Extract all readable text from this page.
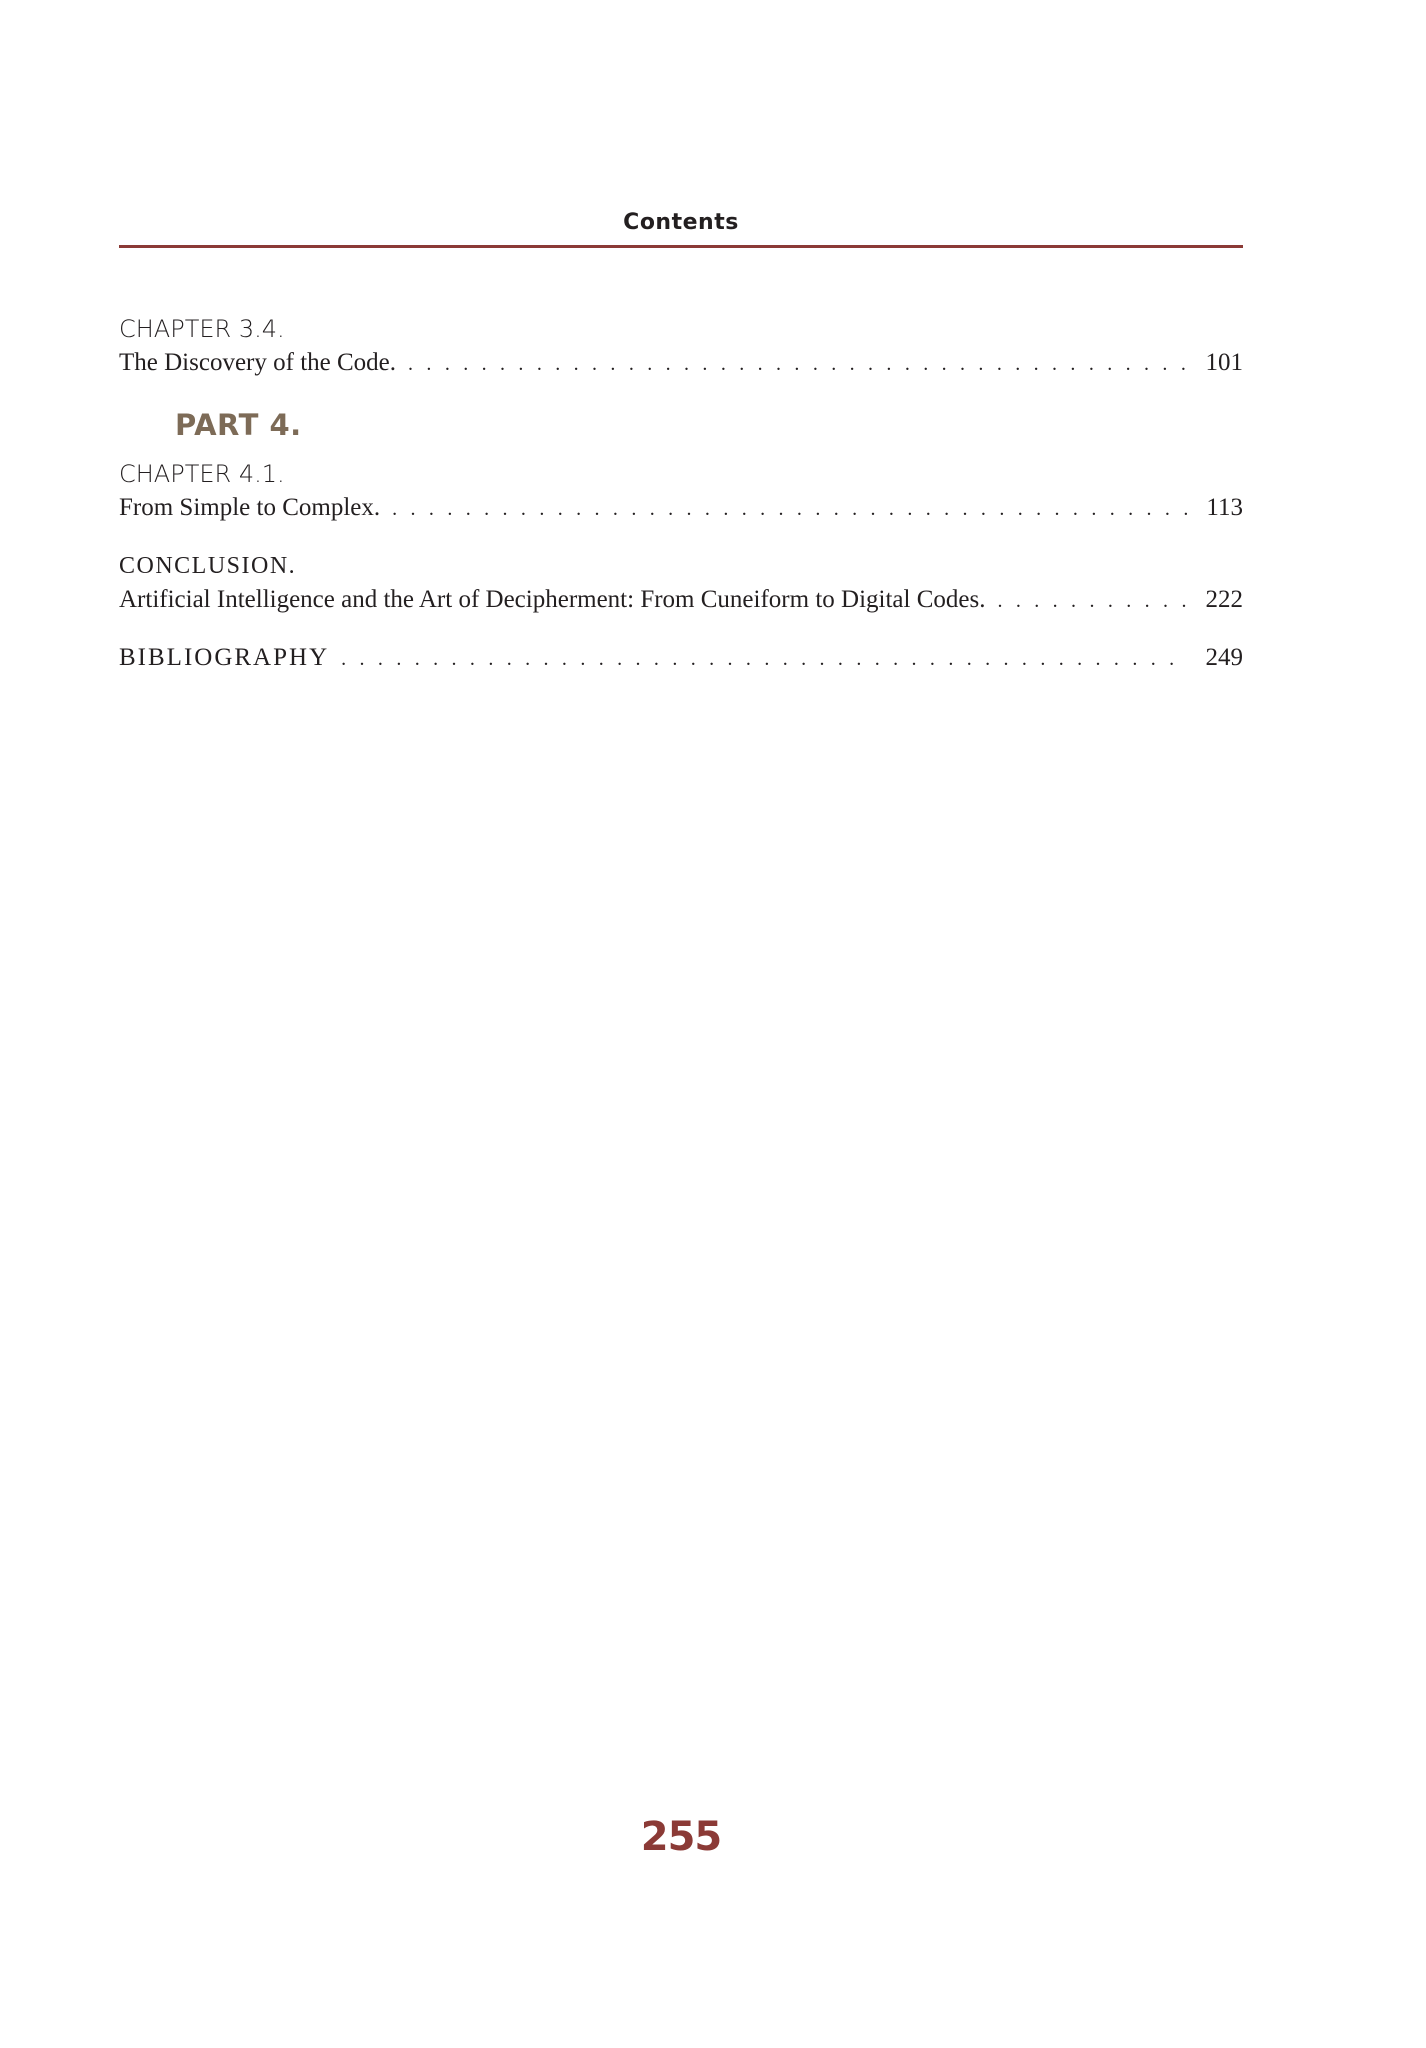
Contents
CHAPTER 3.4.
The Discovery of the Code. . . .	101
PART 4.
CHAPTER 4.1.
From Simple to Complex. . . .	113
CONCLUSION.
Artificial Intelligence and the Art of Decipherment: From Cuneiform to Digital Codes. . . .	222
BIBLIOGRAPHY . . .	249
255
